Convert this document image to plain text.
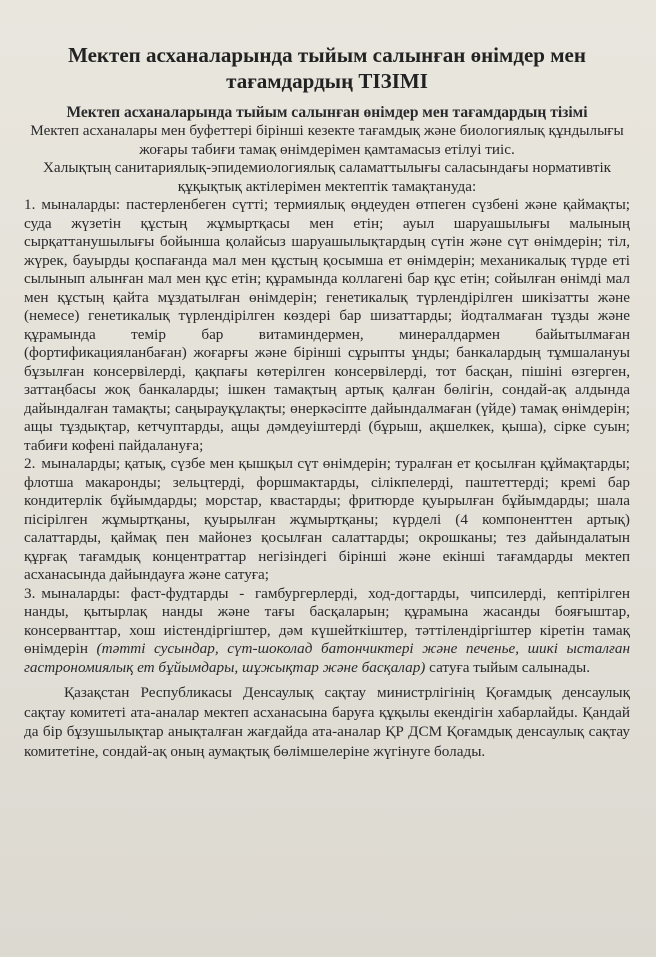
Мектеп асханаларында тыйым салынған өнімдер мен тағамдардың ТІЗІМІ
Мектеп асханаларында тыйым салынған өнімдер мен тағамдардың тізімі
Мектеп асханалары мен буфеттері бірінші кезекте тағамдық және биологиялық құндылығы жоғары табиғи тамақ өнімдерімен қамтамасыз етілуі тиіс.
Халықтың санитариялық-эпидемиологиялық саламаттылығы саласындағы нормативтік құқықтық актілерімен мектептік тамақтануда:

1. мыналарды: пастерленбеген сүтті; термиялық өңдеуден өтпеген сүзбені және қаймақты; суда жүзетін құстың жұмыртқасы мен етін; ауыл шаруашылығы малының сырқаттанушылығы бойынша қолайсыз шаруашылықтардың сүтін және сүт өнімдерін; тіл, жүрек, бауырды қоспағанда мал мен құстың қосымша ет өнімдерін; механикалық түрде еті сылынып алынған мал мен құс етін; құрамында коллагені бар құс етін; сойылған өнімді мал мен құстың қайта мұздатылған өнімдерін; генетикалық түрлендірілген шикізатты және (немесе) генетикалық түрлендірілген көздері бар шизаттарды; йодталмаған тұзды және құрамында темір бар витаминдермен, минералдармен байытылмаған (фортификацияланбаған) жоғарғы және бірінші сұрыпты ұнды; банкалардың тұмшалануы бұзылған консервілерді, қақпағы көтерілген консервілерді, тот басқан, пішіні өзгерген, заттаңбасы жоқ банкаларды; ішкен тамақтың артық қалған бөлігін, сондай-ақ алдында дайындалған тамақты; саңырауқұлақты; өнеркәсіпте дайындалмаған (үйде) тамақ өнімдерін; ащы тұздықтар, кетчуптарды, ащы дәмдеуіштерді (бұрыш, ақшелкек, қыша), сірке суын; табиғи кофені пайдалануға;

2. мыналарды; қатық, сүзбе мен қышқыл сүт өнімдерін; туралған ет қосылған құймақтарды; флотша макаронды; зельцтерді, форшмактарды, сілікпелерді, паштеттерді; кремі бар кондитерлік бұйымдарды; морстар, квастарды; фритюрде қуырылған бұйымдарды; шала пісірілген жұмыртқаны, қуырылған жұмыртқаны; күрделі (4 компоненттен артық) салаттарды, қаймақ пен майонез қосылған салаттарды; окрошканы; тез дайындалатын құрғақ тағамдық концентраттар негізіндегі бірінші және екінші тағамдарды мектеп асханасында дайындауға және сатуға;

3. мыналарды: фаст-фудтарды - гамбургерлерді, ход-догтарды, чипсилерді, кептірілген нанды, қытырлақ нанды және тағы басқаларын; құрамына жасанды бояғыштар, консерванттар, хош иістендіргіштер, дәм күшейткіштер, тәттілендіргіштер кіретін тамақ өнімдерін (тәтті сусындар, сүт-шоколад батончиктері және печенье, шикі ысталған гастрономиялық ет бұйымдары, шұжықтар және басқалар) сатуға тыйым салынады.

Қазақстан Республикасы Денсаулық сақтау министрлігінің Қоғамдық денсаулық сақтау комитеті ата-аналар мектеп асханасына баруға құқылы екендігін хабарлайды. Қандай да бір бұзушылықтар анықталған жағдайда ата-аналар ҚР ДСМ Қоғамдық денсаулық сақтау комитетіне, сондай-ақ оның аумақтық бөлімшелеріне жүгінуге болады.
